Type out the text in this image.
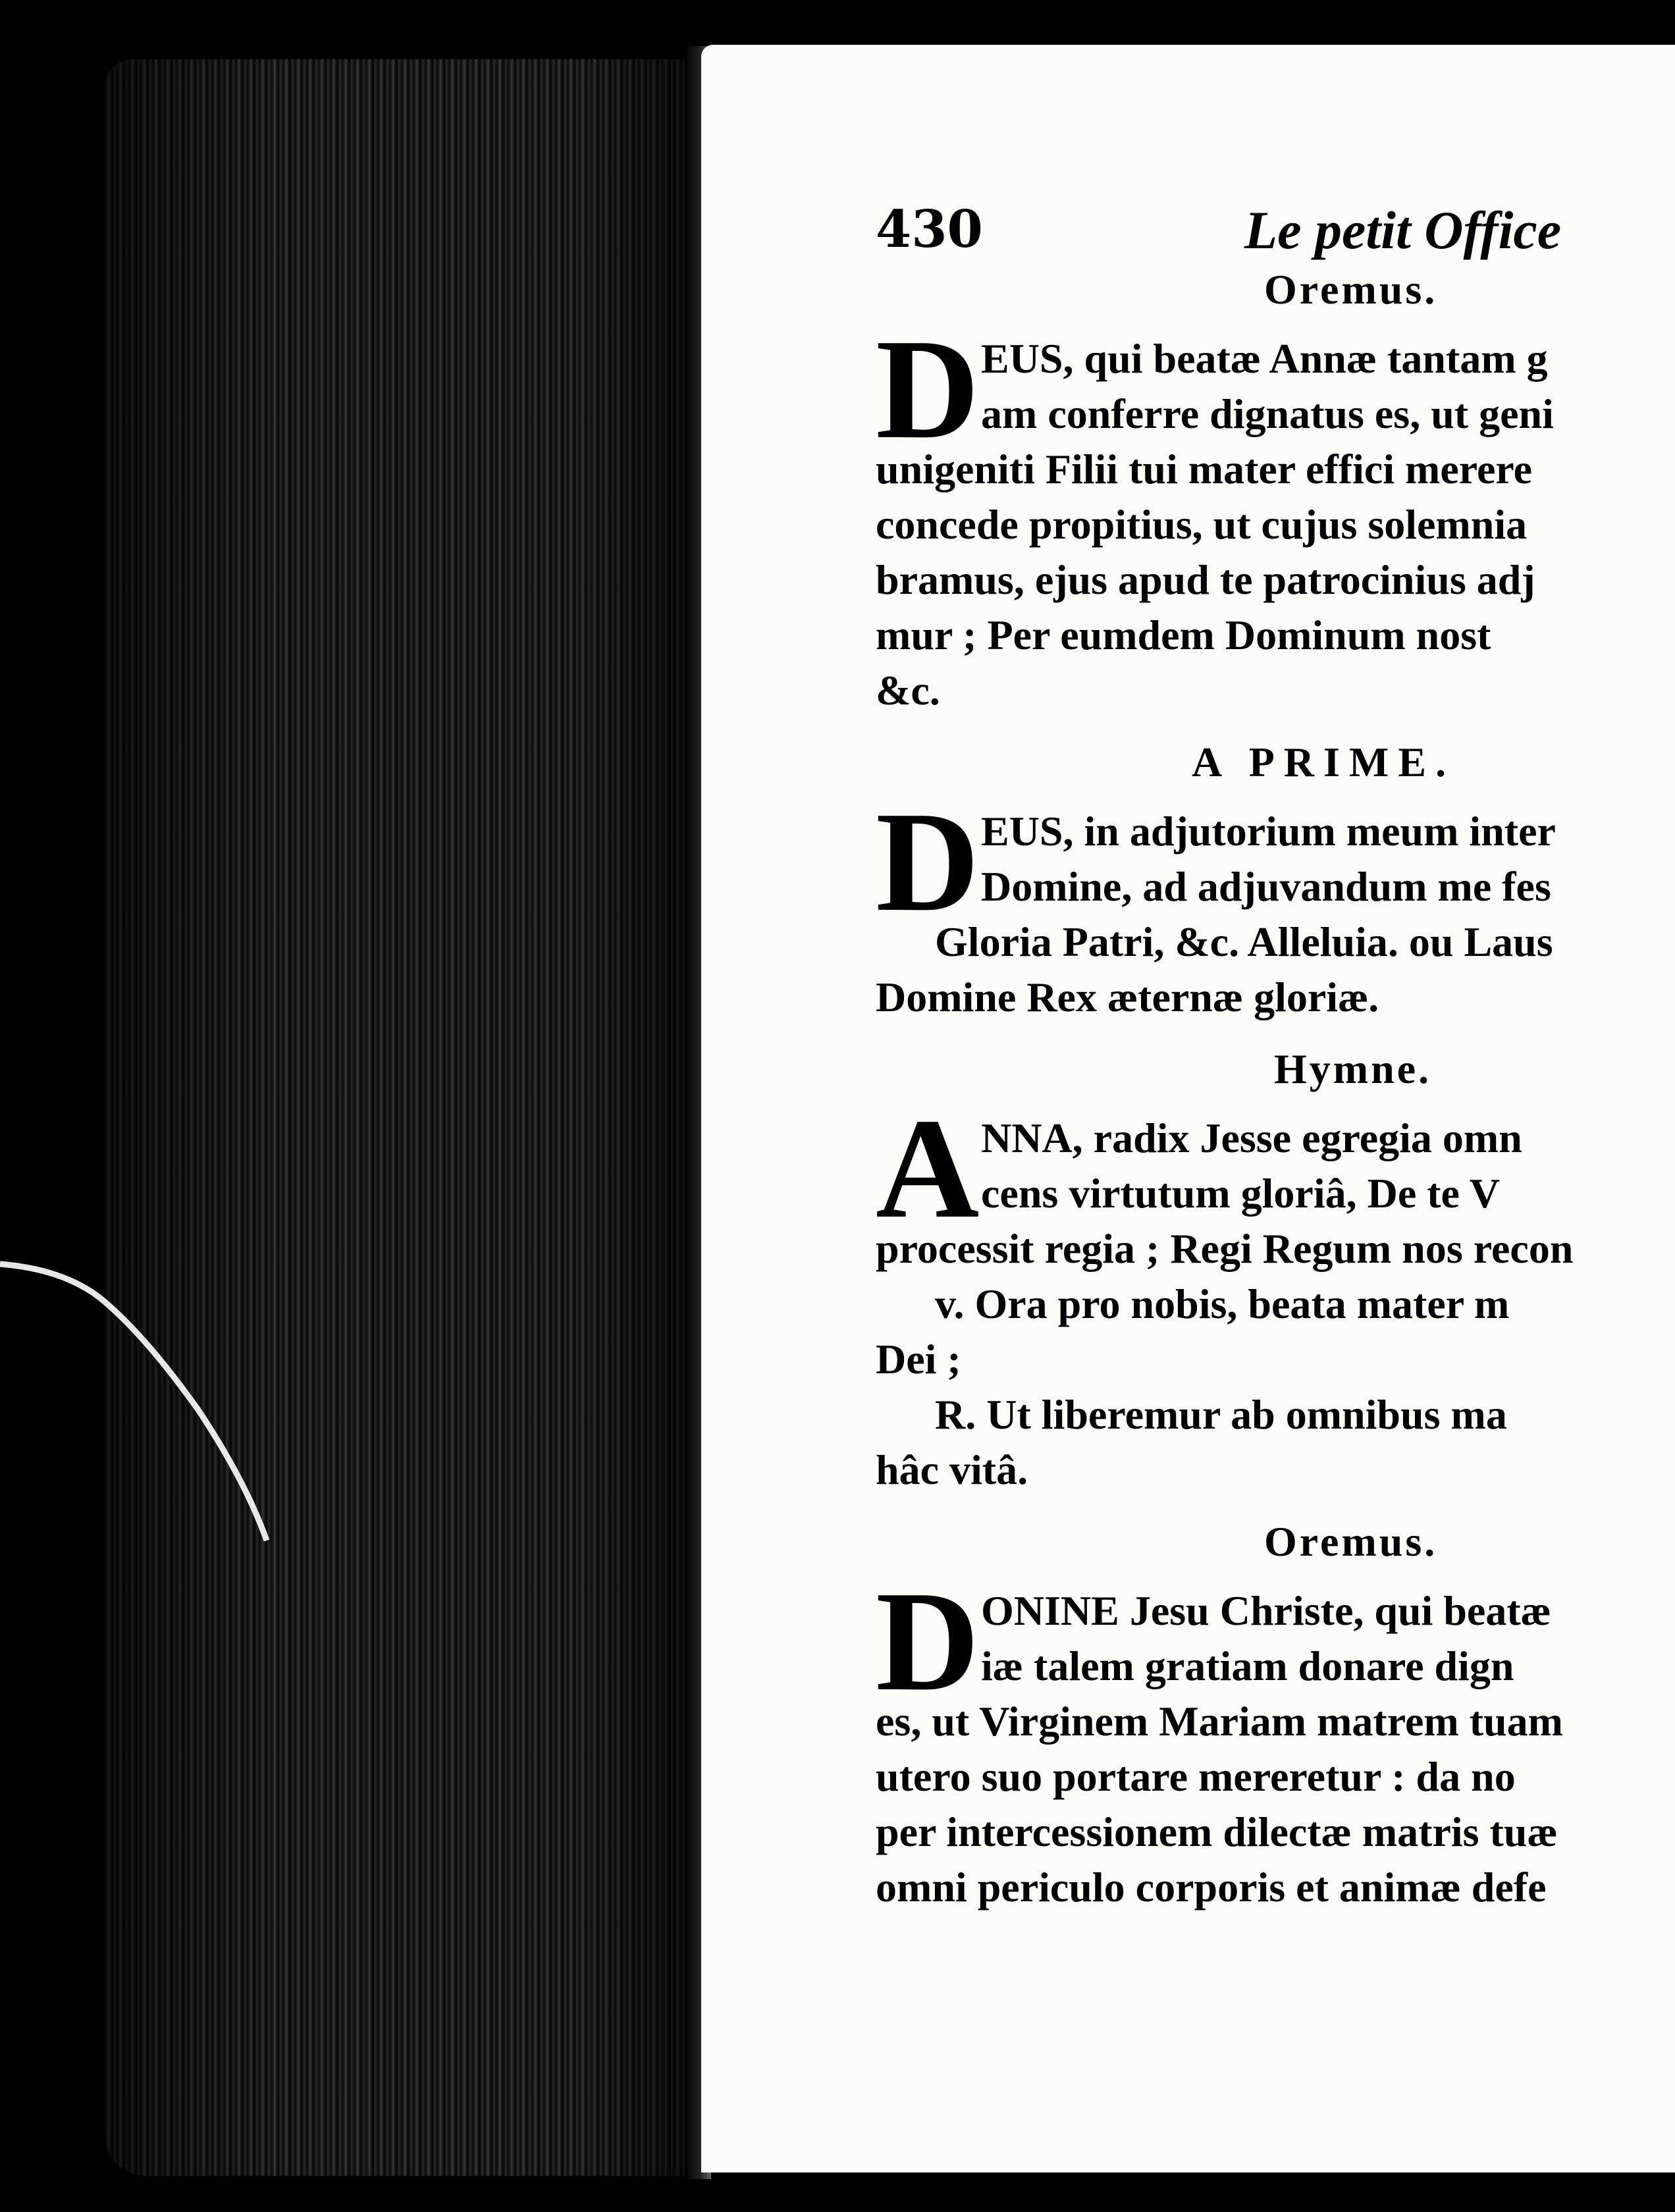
430	Le petit Office
Oremus.
D EUS, qui beatæ Annæ tantam g
am conferre dignatus es, ut geni
unigeniti Filii tui mater effici merere
concede propitius, ut cujus solemnia
bramus, ejus apud te patrocinius adj
mur ; Per eumdem Dominum nost
&c.
A PRIME.
D EUS, in adjutorium meum inter
Domine, ad adjuvandum me fes
Gloria Patri, &c. Alleluia. ou Laus
Domine Rex æternæ gloriæ.
Hymne.
A NNA, radix Jesse egregia omn
cens virtutum gloriâ, De te V
processit regia ; Regi Regum nos recon
v. Ora pro nobis, beata mater m
Dei ;
R. Ut liberemur ab omnibus ma
hâc vitâ.
Oremus.
D ONINE Jesu Christe, qui beatæ
iæ talem gratiam donare dign
es, ut Virginem Mariam matrem tuam
utero suo portare mereretur : da no
per intercessionem dilectæ matris tuæ
omni periculo corporis et animæ defe
